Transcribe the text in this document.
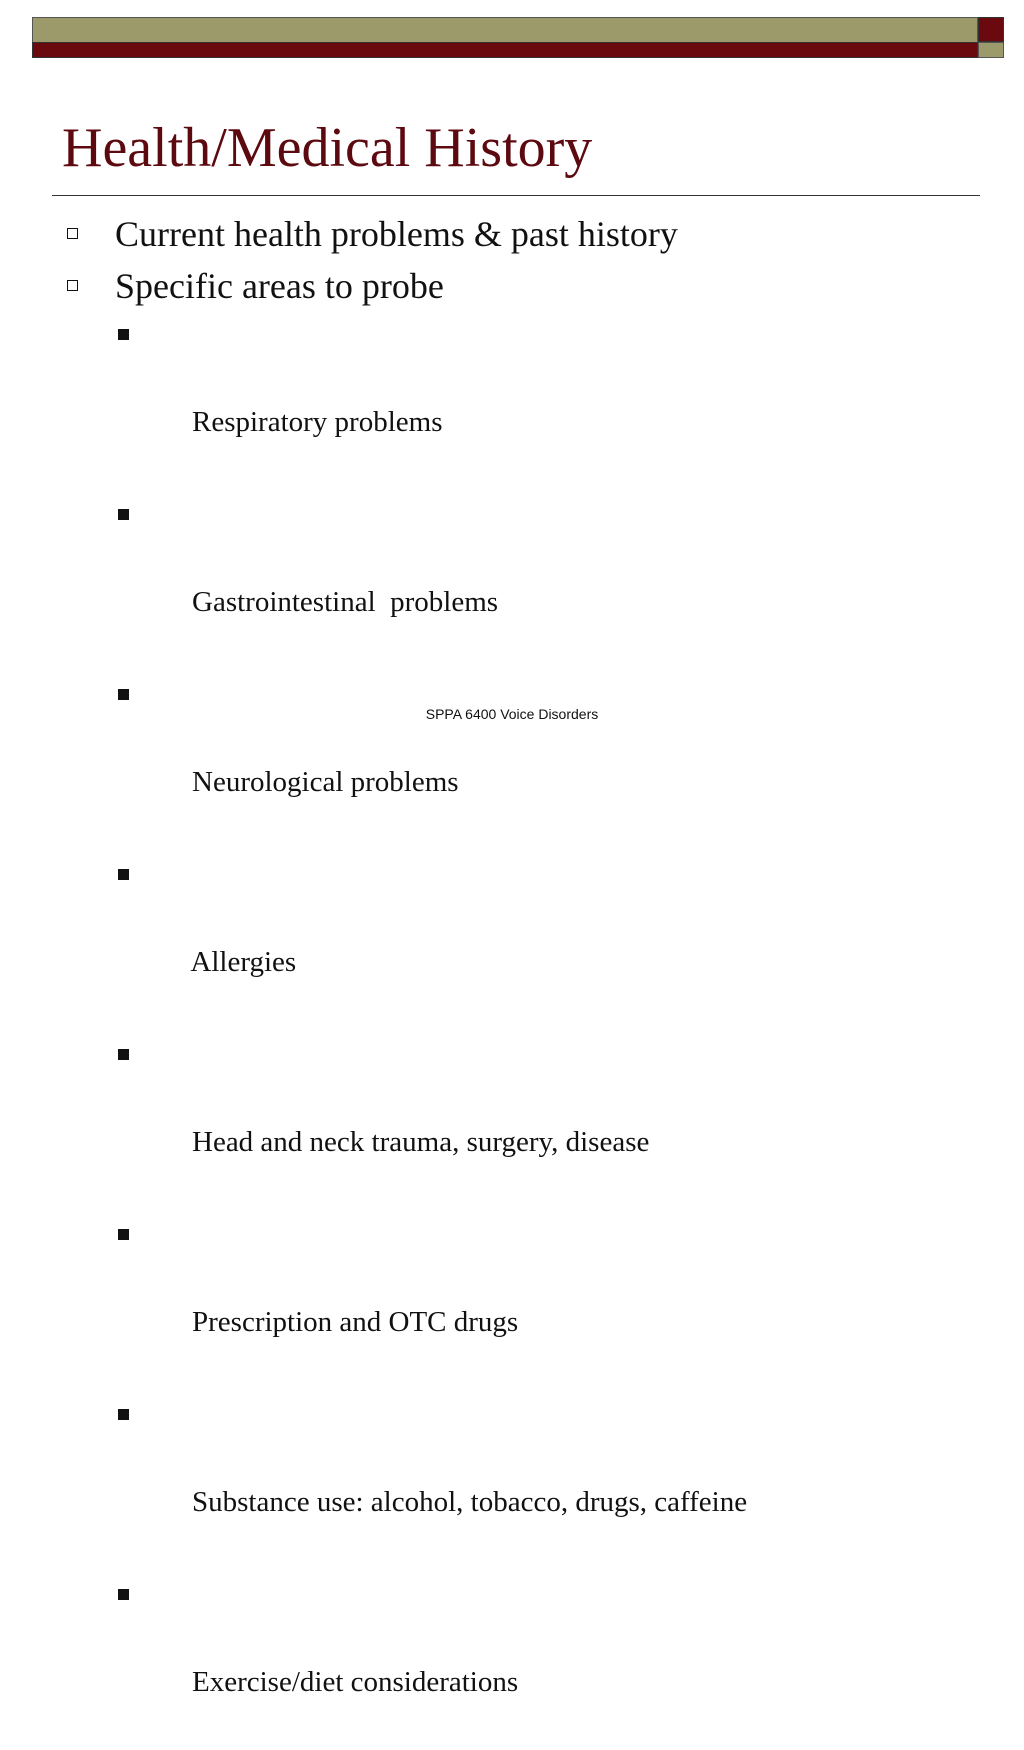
Health/Medical History
Current health problems & past history
Specific areas to probe

Respiratory problems

Gastrointestinal  problems

Neurological problems

Allergies

Head and neck trauma, surgery, disease

Prescription and OTC drugs

Substance use: alcohol, tobacco, drugs, caffeine

Exercise/diet considerations

SPPA 6400 Voice Disorders
